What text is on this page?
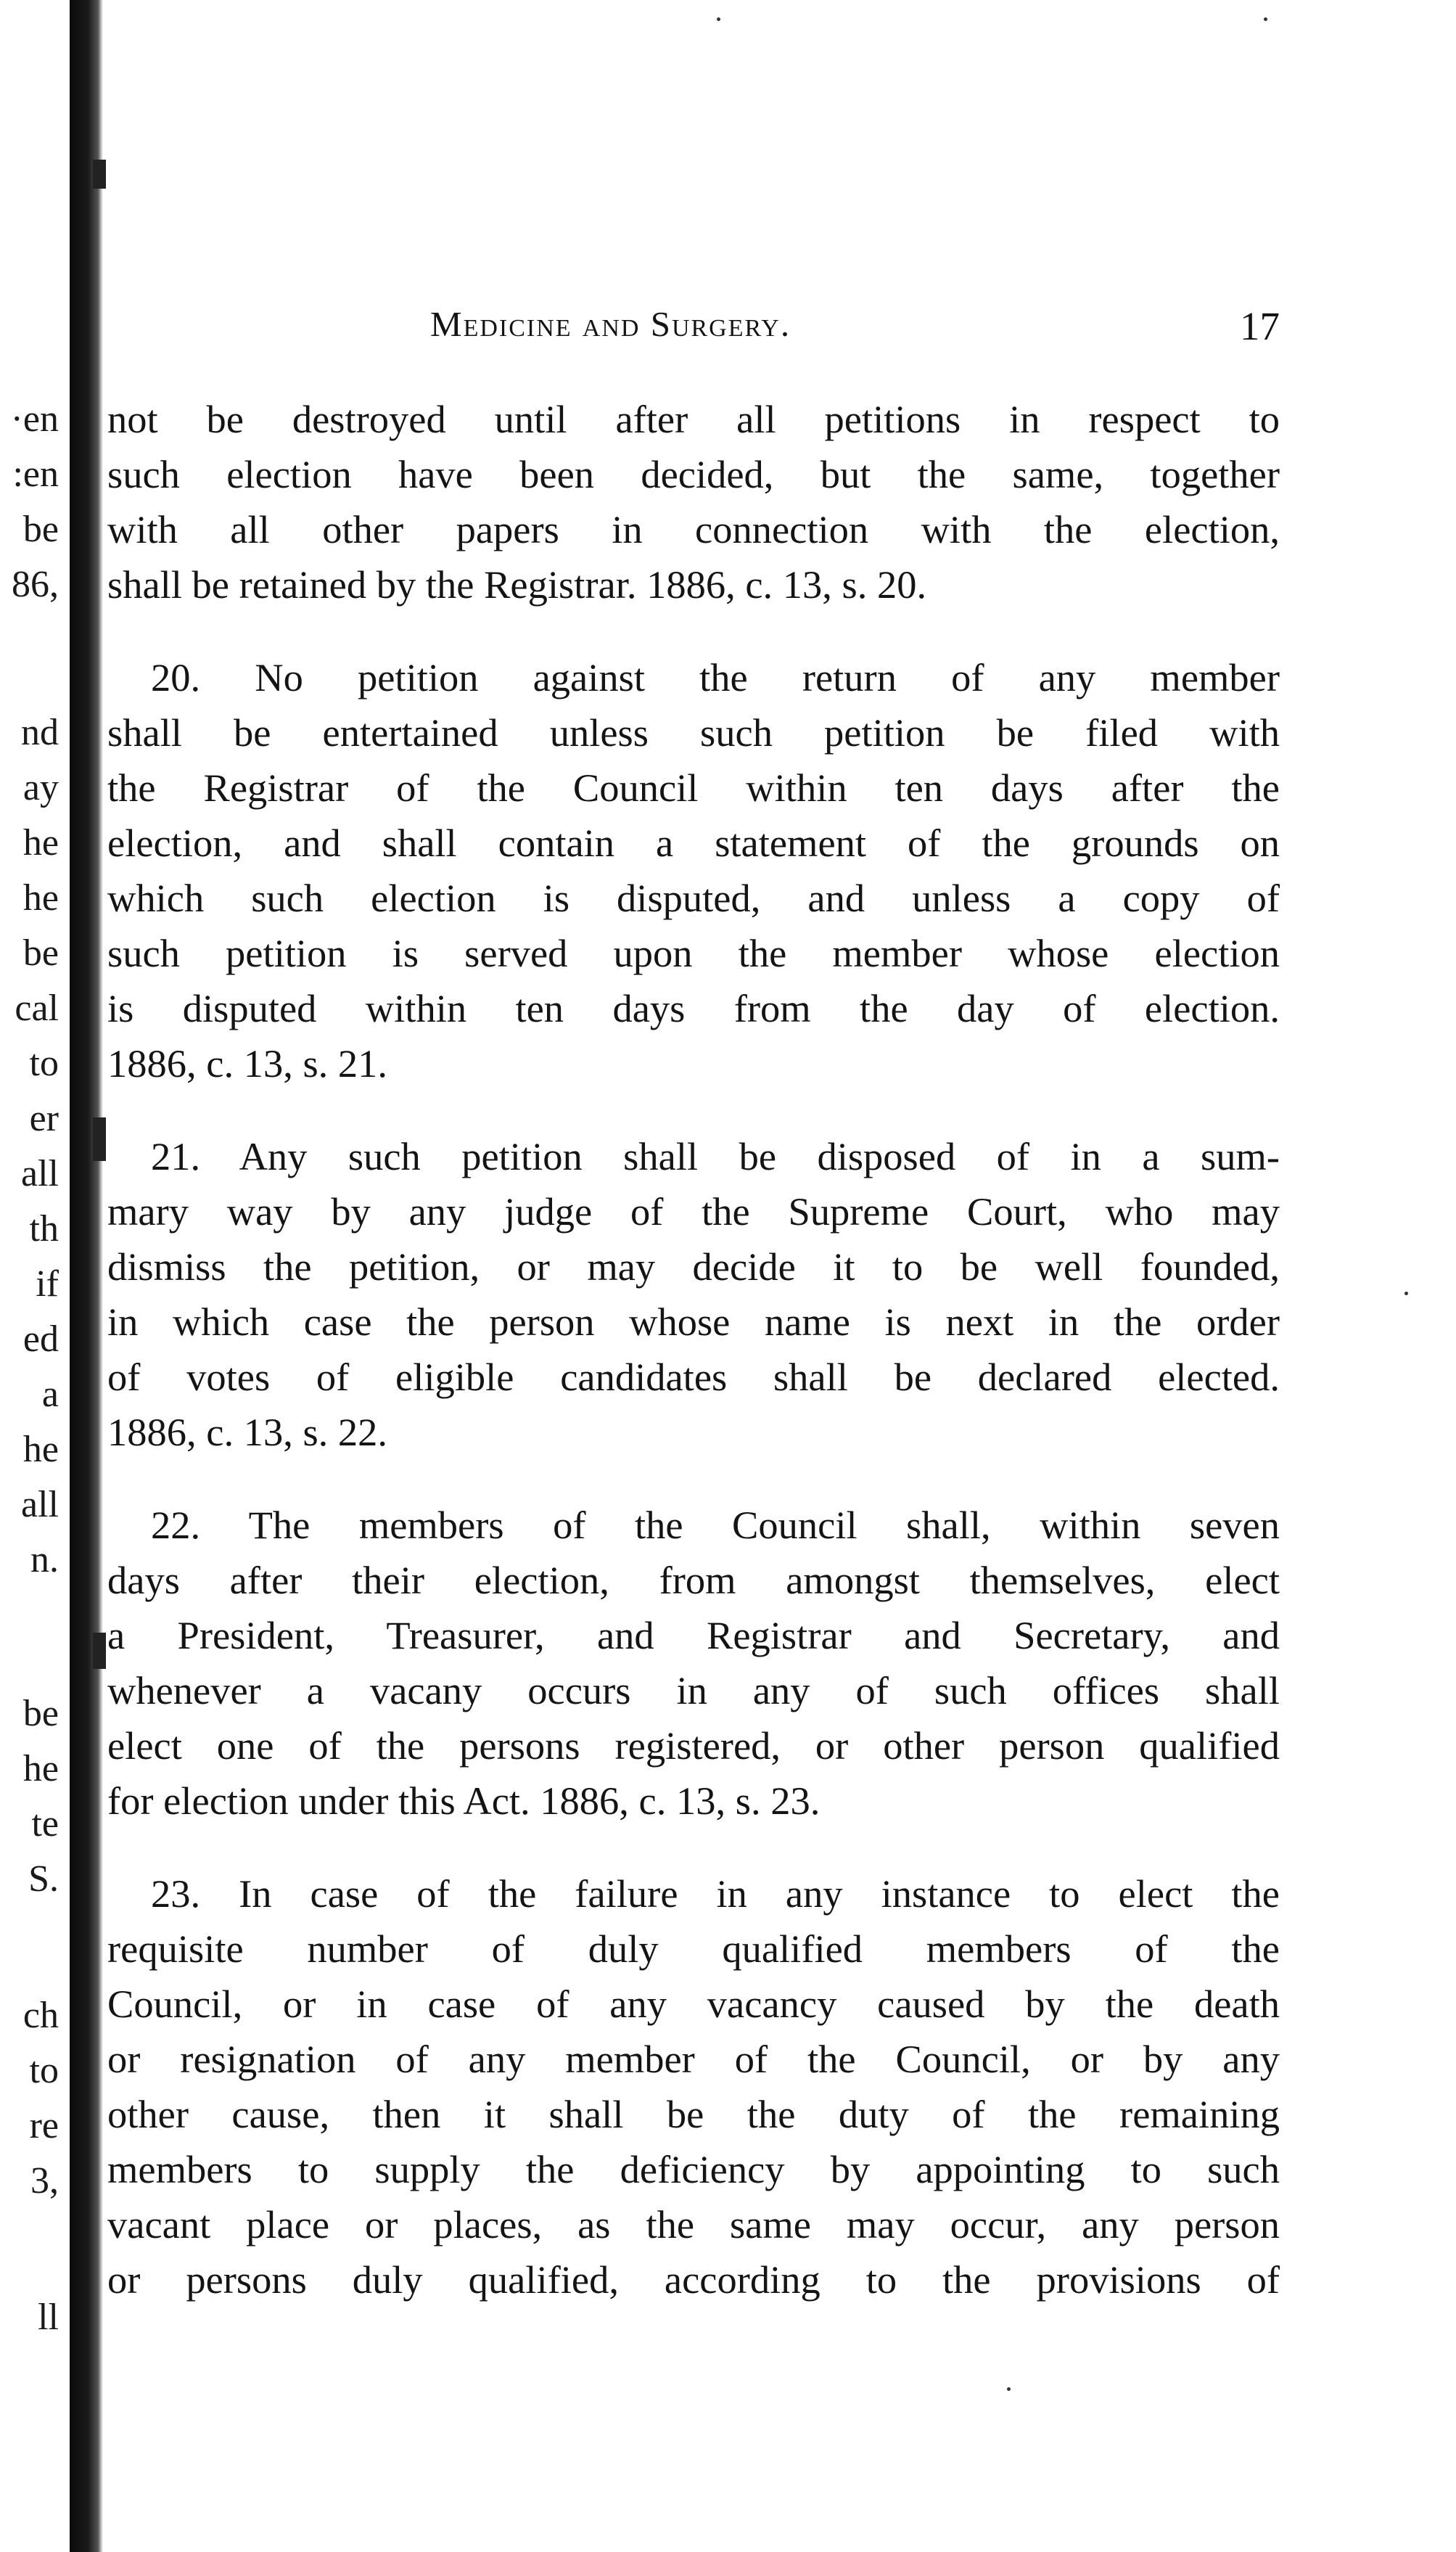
·en
:en
be
86,
nd
ay
he
he
be
cal
to
er
all
th
if
ed
a
he
all
n.
be
he
te
S.
ch
to
re
3,
ll
Medicine and Surgery.	17
not be destroyed until after all petitions in respect to
such election have been decided, but the same, together
with all other papers in connection with the election,
shall be retained by the Registrar. 1886, c. 13, s. 20.
20. No petition against the return of any member
shall be entertained unless such petition be filed with
the Registrar of the Council within ten days after the
election, and shall contain a statement of the grounds on
which such election is disputed, and unless a copy of
such petition is served upon the member whose election
is disputed within ten days from the day of election.
1886, c. 13, s. 21.
21. Any such petition shall be disposed of in a sum-
mary way by any judge of the Supreme Court, who may
dismiss the petition, or may decide it to be well founded,
in which case the person whose name is next in the order
of votes of eligible candidates shall be declared elected.
1886, c. 13, s. 22.
22. The members of the Council shall, within seven
days after their election, from amongst themselves, elect
a President, Treasurer, and Registrar and Secretary, and
whenever a vacany occurs in any of such offices shall
elect one of the persons registered, or other person qualified
for election under this Act. 1886, c. 13, s. 23.
23. In case of the failure in any instance to elect the
requisite number of duly qualified members of the
Council, or in case of any vacancy caused by the death
or resignation of any member of the Council, or by any
other cause, then it shall be the duty of the remaining
members to supply the deficiency by appointing to such
vacant place or places, as the same may occur, any person
or persons duly qualified, according to the provisions of
